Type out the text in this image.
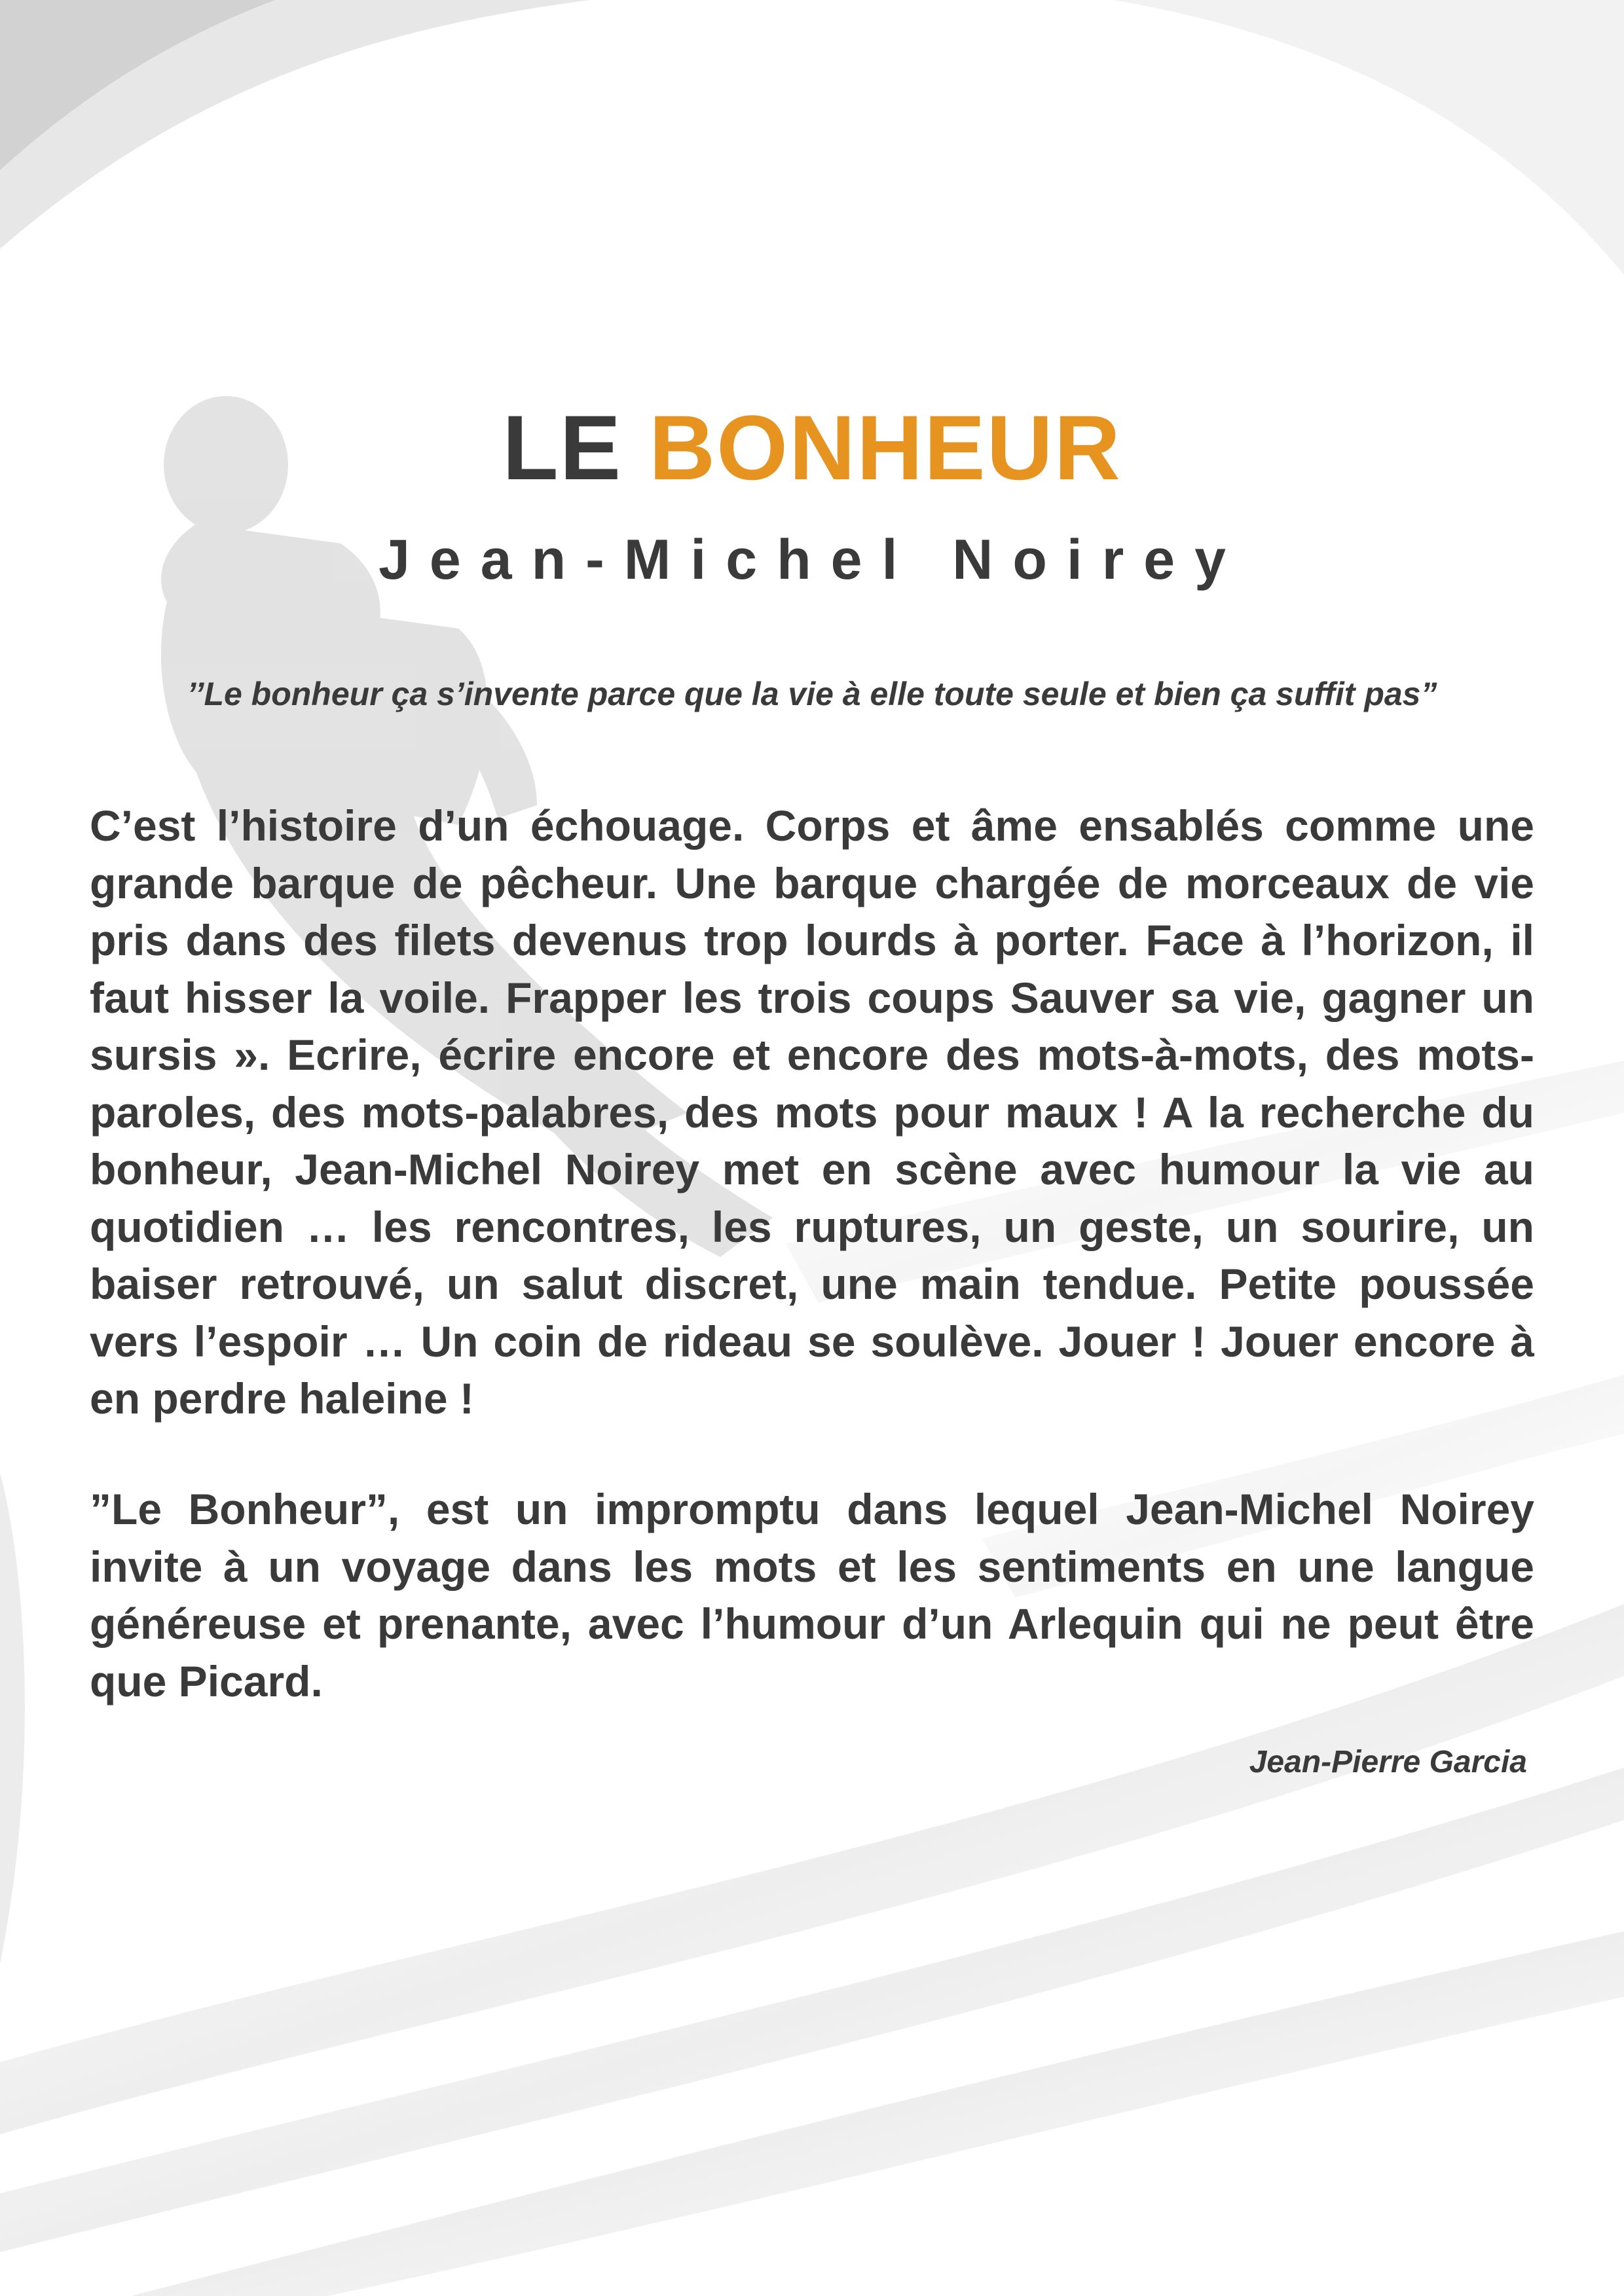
LE BONHEUR
Jean-Michel Noirey
’’Le bonheur ça s’invente parce que la vie à elle toute seule et bien ça suffit pas”

C’est l’histoire d’un échouage. Corps et âme ensablés comme une grande barque de pêcheur. Une barque chargée de morceaux de vie pris dans des filets devenus trop lourds à porter. Face à l’horizon, il faut hisser la voile. Frapper les trois coups Sauver sa vie, gagner un sursis ». Ecrire, écrire encore et encore des mots-à-mots, des mots-paroles, des mots-palabres, des mots pour maux ! A la recherche du bonheur, Jean-Michel Noirey met en scène avec humour la vie au quotidien … les rencontres, les ruptures, un geste, un sourire, un baiser retrouvé, un salut discret, une main tendue. Petite poussée vers l’espoir … Un coin de rideau se soulève. Jouer ! Jouer encore à en perdre haleine !

”Le Bonheur”, est un impromptu dans lequel Jean-Michel Noirey invite à un voyage dans les mots et les sentiments en une langue généreuse et prenante, avec l’humour d’un Arlequin qui ne peut être que Picard.

Jean-Pierre Garcia
